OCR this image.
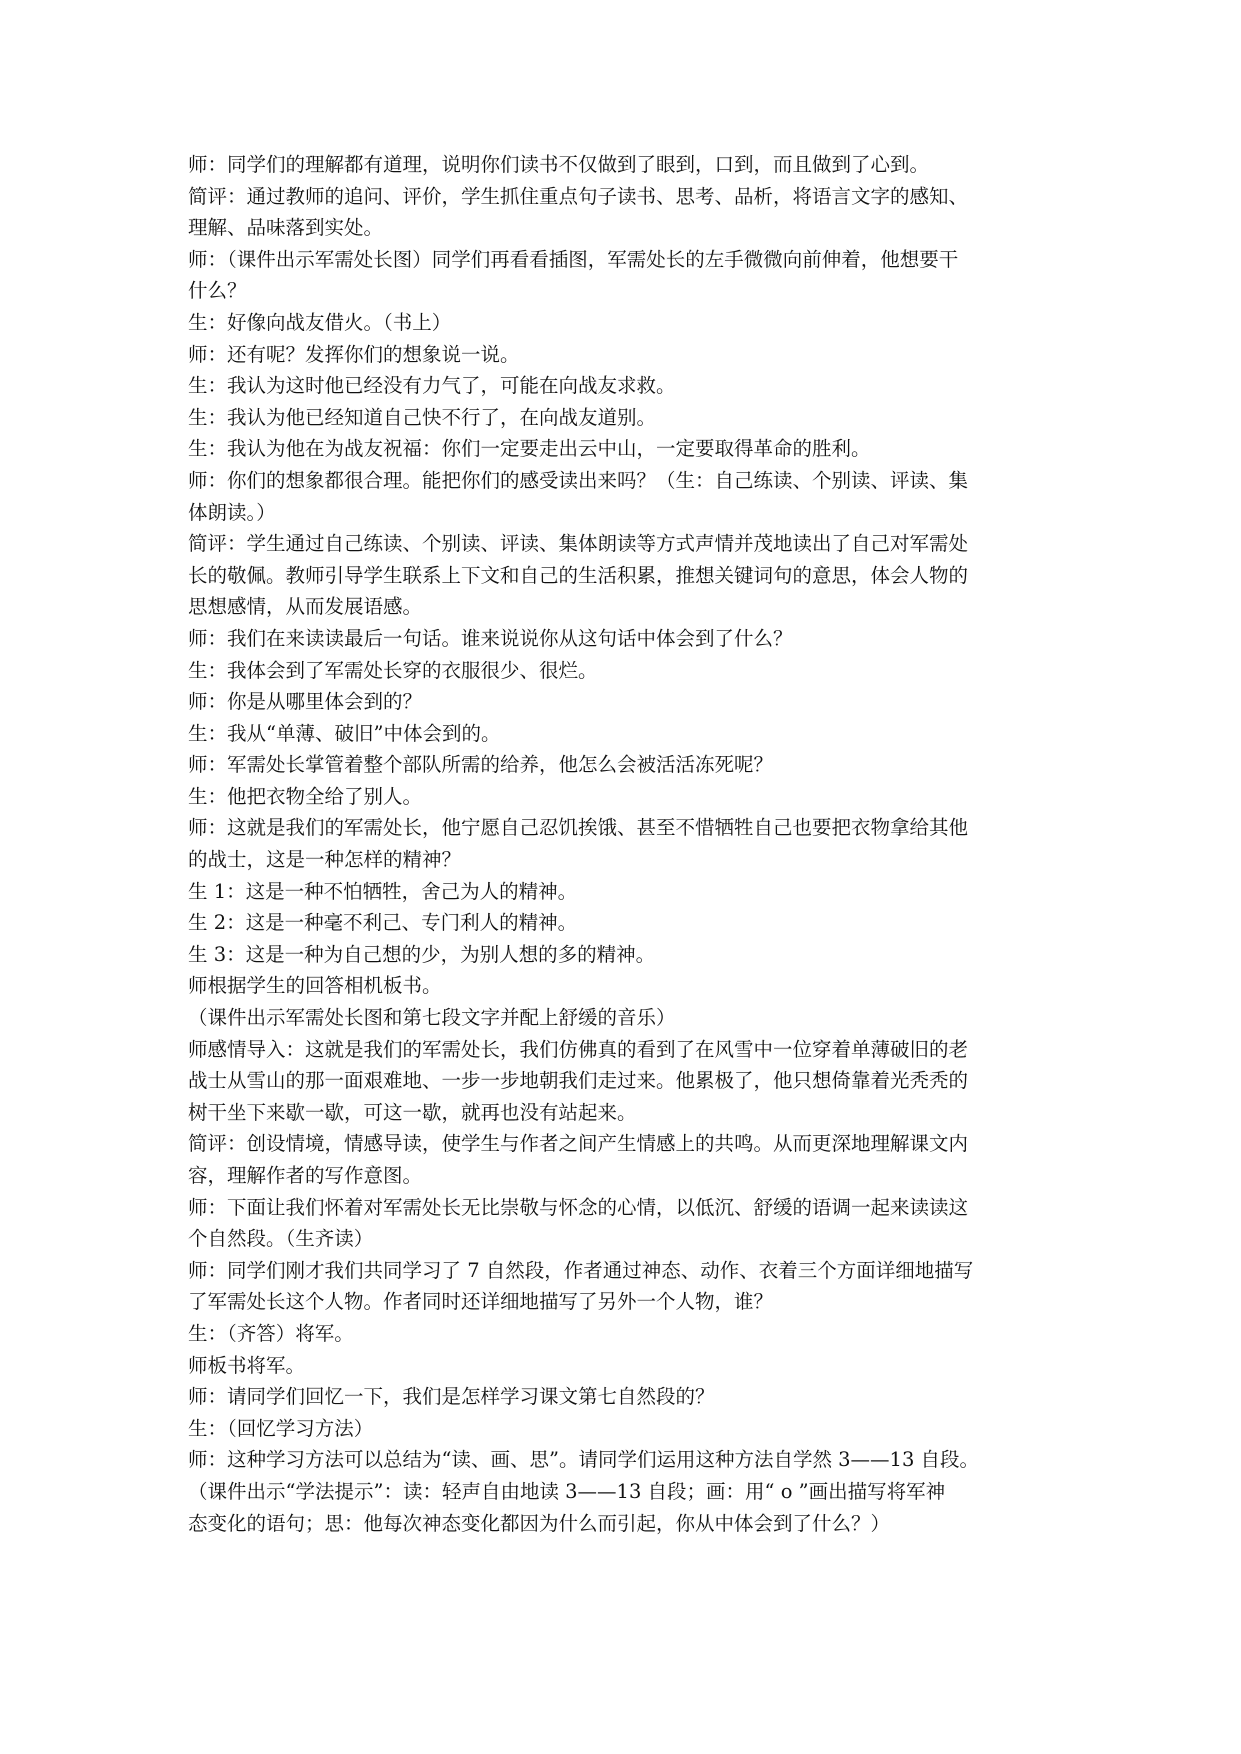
师：同学们的理解都有道理，说明你们读书不仅做到了眼到，口到，而且做到了心到。
简评：通过教师的追问、评价，学生抓住重点句子读书、思考、品析，将语言文字的感知、
理解、品味落到实处。
师：（课件出示军需处长图）同学们再看看插图，军需处长的左手微微向前伸着，他想要干
什么？
生：好像向战友借火。（书上）
师：还有呢？发挥你们的想象说一说。
生：我认为这时他已经没有力气了，可能在向战友求救。
生：我认为他已经知道自己快不行了，在向战友道别。
生：我认为他在为战友祝福：你们一定要走出云中山，一定要取得革命的胜利。
师：你们的想象都很合理。能把你们的感受读出来吗？（生：自己练读、个别读、评读、集
体朗读。）
简评：学生通过自己练读、个别读、评读、集体朗读等方式声情并茂地读出了自己对军需处
长的敬佩。教师引导学生联系上下文和自己的生活积累，推想关键词句的意思，体会人物的
思想感情，从而发展语感。
师：我们在来读读最后一句话。谁来说说你从这句话中体会到了什么？
生：我体会到了军需处长穿的衣服很少、很烂。
师：你是从哪里体会到的？
生：我从“单薄、破旧”中体会到的。
师：军需处长掌管着整个部队所需的给养，他怎么会被活活冻死呢？
生：他把衣物全给了别人。
师：这就是我们的军需处长，他宁愿自己忍饥挨饿、甚至不惜牺牲自己也要把衣物拿给其他
的战士，这是一种怎样的精神？
生 1：这是一种不怕牺牲，舍己为人的精神。
生 2：这是一种毫不利己、专门利人的精神。
生 3：这是一种为自己想的少，为别人想的多的精神。
师根据学生的回答相机板书。
（课件出示军需处长图和第七段文字并配上舒缓的音乐）
师感情导入：这就是我们的军需处长，我们仿佛真的看到了在风雪中一位穿着单薄破旧的老
战士从雪山的那一面艰难地、一步一步地朝我们走过来。他累极了，他只想倚靠着光秃秃的
树干坐下来歇一歇，可这一歇，就再也没有站起来。
简评：创设情境，情感导读，使学生与作者之间产生情感上的共鸣。从而更深地理解课文内
容，理解作者的写作意图。
师：下面让我们怀着对军需处长无比崇敬与怀念的心情，以低沉、舒缓的语调一起来读读这
个自然段。（生齐读）
师：同学们刚才我们共同学习了 7 自然段，作者通过神态、动作、衣着三个方面详细地描写
了军需处长这个人物。作者同时还详细地描写了另外一个人物，谁？
生：（齐答）将军。
师板书将军。
师：请同学们回忆一下，我们是怎样学习课文第七自然段的？
生：（回忆学习方法）
师：这种学习方法可以总结为“读、画、思”。请同学们运用这种方法自学然 3——13 自段。
（课件出示“学法提示”：读：轻声自由地读 3——13 自段；画：用“ o ”画出描写将军神
态变化的语句；思：他每次神态变化都因为什么而引起，你从中体会到了什么？）
